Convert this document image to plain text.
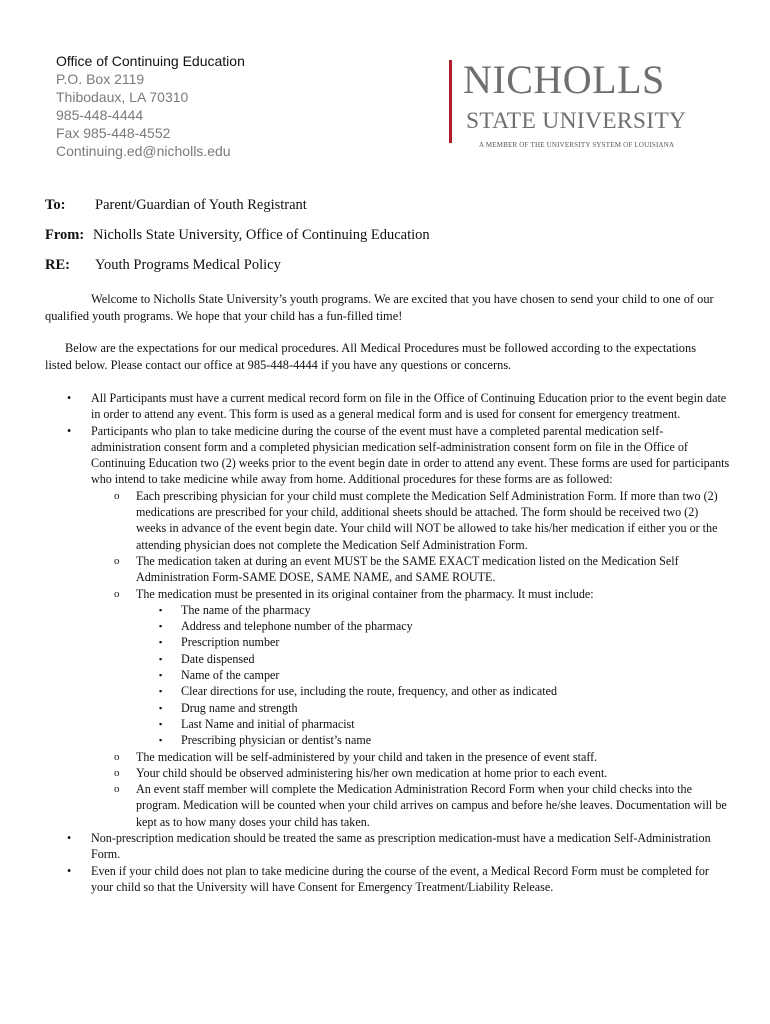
Office of Continuing Education
P.O. Box 2119
Thibodaux, LA 70310
985-448-4444
Fax 985-448-4552
Continuing.ed@nicholls.edu
NICHOLLS
STATE UNIVERSITY
A MEMBER OF THE UNIVERSITY SYSTEM OF LOUISIANA
To: Parent/Guardian of Youth Registrant
From: Nicholls State University, Office of Continuing Education
RE: Youth Programs Medical Policy
Welcome to Nicholls State University’s youth programs. We are excited that you have chosen to send your child to one of our qualified youth programs. We hope that your child has a fun-filled time!
Below are the expectations for our medical procedures. All Medical Procedures must be followed according to the expectations listed below. Please contact our office at 985-448-4444 if you have any questions or concerns.
• All Participants must have a current medical record form on file in the Office of Continuing Education prior to the event begin date in order to attend any event. This form is used as a general medical form and is used for consent for emergency treatment.
• Participants who plan to take medicine during the course of the event must have a completed parental medication self-administration consent form and a completed physician medication self-administration consent form on file in the Office of Continuing Education two (2) weeks prior to the event begin date in order to attend any event. These forms are used for participants who intend to take medicine while away from home. Additional procedures for these forms are as followed:
o Each prescribing physician for your child must complete the Medication Self Administration Form. If more than two (2) medications are prescribed for your child, additional sheets should be attached. The form should be received two (2) weeks in advance of the event begin date. Your child will NOT be allowed to take his/her medication if either you or the attending physician does not complete the Medication Self Administration Form.
o The medication taken at during an event MUST be the SAME EXACT medication listed on the Medication Self Administration Form-SAME DOSE, SAME NAME, and SAME ROUTE.
o The medication must be presented in its original container from the pharmacy. It must include:
▪ The name of the pharmacy
▪ Address and telephone number of the pharmacy
▪ Prescription number
▪ Date dispensed
▪ Name of the camper
▪ Clear directions for use, including the route, frequency, and other as indicated
▪ Drug name and strength
▪ Last Name and initial of pharmacist
▪ Prescribing physician or dentist’s name
o The medication will be self-administered by your child and taken in the presence of event staff.
o Your child should be observed administering his/her own medication at home prior to each event.
o An event staff member will complete the Medication Administration Record Form when your child checks into the program. Medication will be counted when your child arrives on campus and before he/she leaves. Documentation will be kept as to how many doses your child has taken.
• Non-prescription medication should be treated the same as prescription medication-must have a medication Self-Administration Form.
• Even if your child does not plan to take medicine during the course of the event, a Medical Record Form must be completed for your child so that the University will have Consent for Emergency Treatment/Liability Release.
